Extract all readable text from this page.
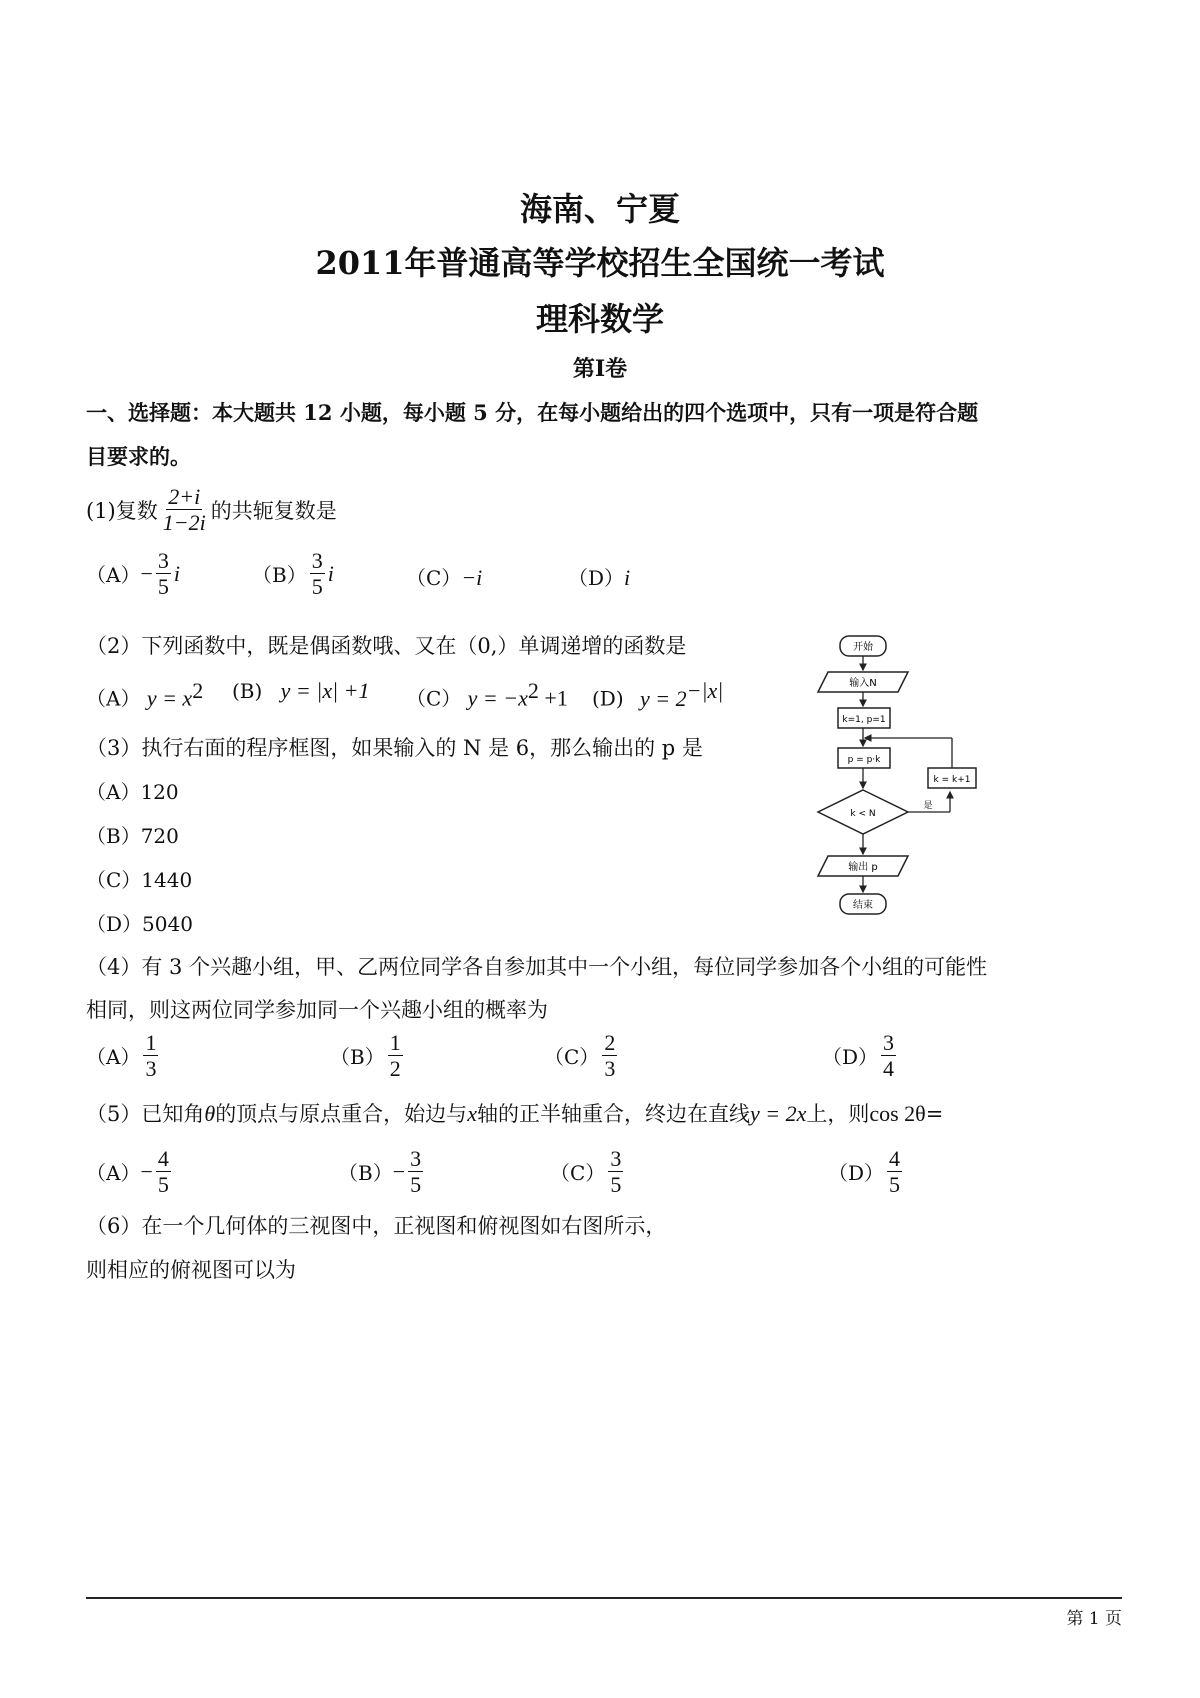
海南、宁夏
2011年普通高等学校招生全国统一考试
理科数学
第Ⅰ卷
一、选择题：本大题共 12 小题，每小题 5 分，在每小题给出的四个选项中，只有一项是符合题
目要求的。
(1)复数 $\frac{2+i}{1-2i}$ 的共轭复数是
$(A) - \frac{3}{5}$ i	$(B) \frac{3}{5}$ i	（C）−i	（D）i
（2）下列函数中，既是偶函数哦、又在（0,）单调递增的函数是
（A） $y = x^2$ (B) y = |x| +1 （C） $y = -x^2 +1$ (D) $y = 2^{-|x|}$
（3）执行右面的程序框图，如果输入的 N 是 6，那么输出的 p 是
（A）120
（B）720
（C）1440
（D）5040
开始
输入N
k=1, p=1
p = p·k
k < N
是
k = k+1
输出 p
结束
（4）有 3 个兴趣小组，甲、乙两位同学各自参加其中一个小组，每位同学参加各个小组的可能性
相同，则这两位同学参加同一个兴趣小组的概率为
$(A) \frac{1}{3}$	$(B) \frac{1}{2}$	$(C) \frac{2}{3}$	$(D) \frac{3}{4}$
（5）已知角θ的顶点与原点重合，始边与x轴的正半轴重合，终边在直线y = 2x上，则cos 2θ=
$(A) - \frac{4}{5}$	$(B) - \frac{3}{5}$	$(C) \frac{3}{5}$	$(D) \frac{4}{5}$
（6）在一个几何体的三视图中，正视图和俯视图如右图所示，
则相应的俯视图可以为
第 1 页
